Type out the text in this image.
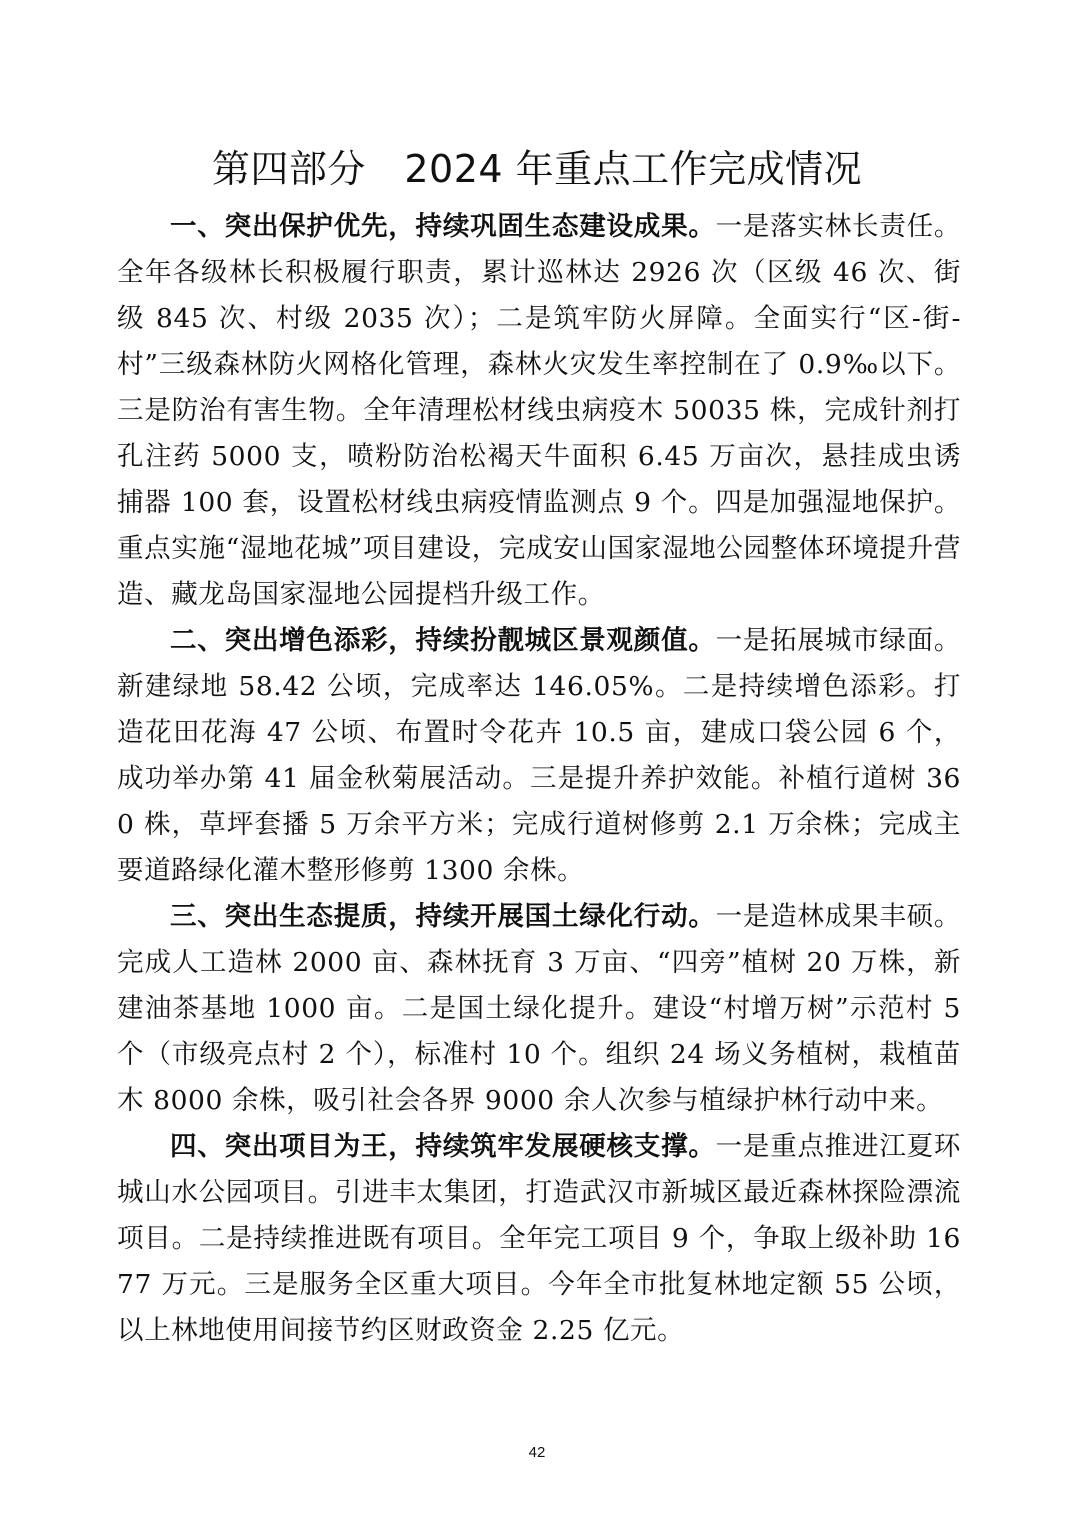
第四部分　2024 年重点工作完成情况

一、突出保护优先，持续巩固生态建设成果。一是落实林长责任。全年各级林长积极履行职责，累计巡林达 2926 次（区级 46 次、街级 845 次、村级 2035 次）；二是筑牢防火屏障。全面实行“区-街-村”三级森林防火网格化管理，森林火灾发生率控制在了 0.9‰以下。三是防治有害生物。全年清理松材线虫病疫木 50035 株，完成针剂打孔注药 5000 支，喷粉防治松褐天牛面积 6.45 万亩次，悬挂成虫诱捕器 100 套，设置松材线虫病疫情监测点 9 个。四是加强湿地保护。重点实施“湿地花城”项目建设，完成安山国家湿地公园整体环境提升营造、藏龙岛国家湿地公园提档升级工作。

二、突出增色添彩，持续扮靓城区景观颜值。一是拓展城市绿面。新建绿地 58.42 公顷，完成率达 146.05%。二是持续增色添彩。打造花田花海 47 公顷、布置时令花卉 10.5 亩，建成口袋公园 6 个，成功举办第 41 届金秋菊展活动。三是提升养护效能。补植行道树 360 株，草坪套播 5 万余平方米；完成行道树修剪 2.1 万余株；完成主要道路绿化灌木整形修剪 1300 余株。

三、突出生态提质，持续开展国土绿化行动。一是造林成果丰硕。完成人工造林 2000 亩、森林抚育 3 万亩、“四旁”植树 20 万株，新建油茶基地 1000 亩。二是国土绿化提升。建设“村增万树”示范村 5 个（市级亮点村 2 个），标准村 10 个。组织 24 场义务植树，栽植苗木 8000 余株，吸引社会各界 9000 余人次参与植绿护林行动中来。

四、突出项目为王，持续筑牢发展硬核支撑。一是重点推进江夏环城山水公园项目。引进丰太集团，打造武汉市新城区最近森林探险漂流项目。二是持续推进既有项目。全年完工项目 9 个，争取上级补助 1677 万元。三是服务全区重大项目。今年全市批复林地定额 55 公顷，以上林地使用间接节约区财政资金 2.25 亿元。

42
